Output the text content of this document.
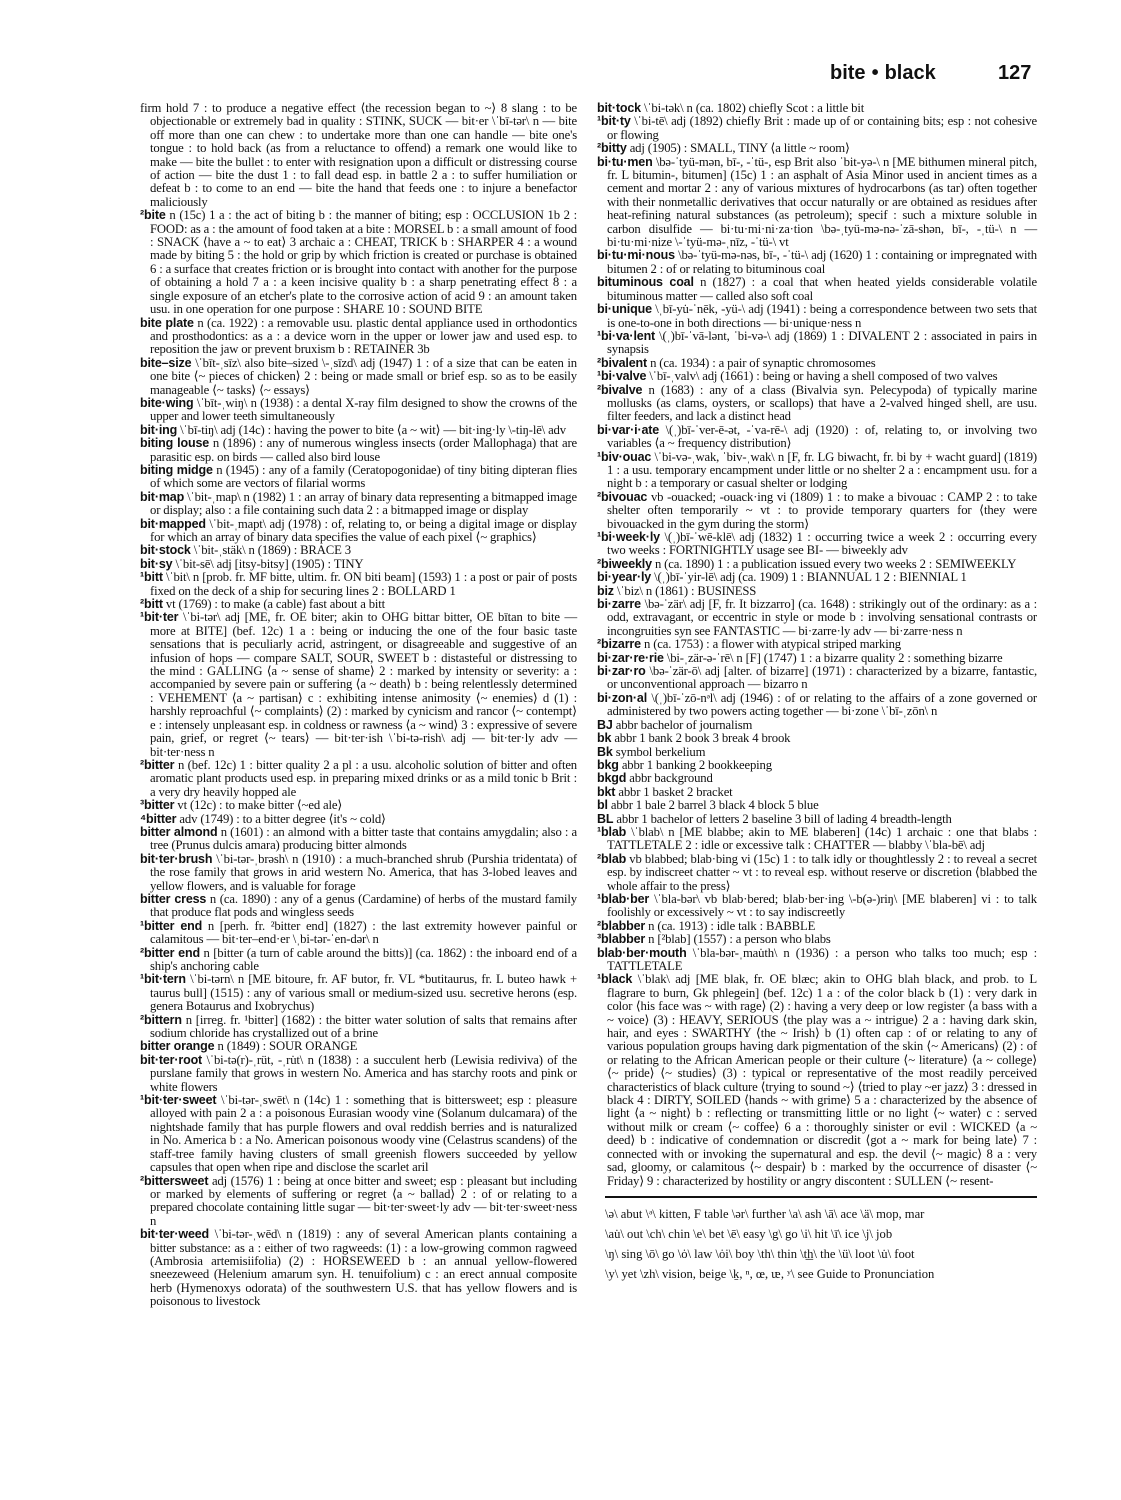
bite • black	127

firm hold 7 : to produce a negative effect ⟨the recession began to ~⟩ 8 slang : to be objectionable or extremely bad in quality : STINK, SUCK — bit·er \ˈbī-tər\ n — bite off more than one can chew : to undertake more than one can handle — bite one's tongue : to hold back (as from a reluctance to offend) a remark one would like to make — bite the bullet : to enter with resignation upon a difficult or distressing course of action — bite the dust 1 : to fall dead esp. in battle 2 a : to suffer humiliation or defeat b : to come to an end — bite the hand that feeds one : to injure a benefactor maliciously

²bite n (15c) 1 a : the act of biting b : the manner of biting; esp : OCCLUSION 1b 2 : FOOD: as a : the amount of food taken at a bite : MORSEL b : a small amount of food : SNACK ⟨have a ~ to eat⟩ 3 archaic a : CHEAT, TRICK b : SHARPER 4 : a wound made by biting 5 : the hold or grip by which friction is created or purchase is obtained 6 : a surface that creates friction or is brought into contact with another for the purpose of obtaining a hold 7 a : a keen incisive quality b : a sharp penetrating effect 8 : a single exposure of an etcher's plate to the corrosive action of acid 9 : an amount taken usu. in one operation for one purpose : SHARE 10 : SOUND BITE

bite plate n (ca. 1922) : a removable usu. plastic dental appliance used in orthodontics and prosthodontics: as a : a device worn in the upper or lower jaw and used esp. to reposition the jaw or prevent bruxism b : RETAINER 3b

bite–size \ˈbīt-ˌsīz\ also bite–sized \-ˌsīzd\ adj (1947) 1 : of a size that can be eaten in one bite ⟨~ pieces of chicken⟩ 2 : being or made small or brief esp. so as to be easily manageable ⟨~ tasks⟩ ⟨~ essays⟩

bite·wing \ˈbīt-ˌwiŋ\ n (1938) : a dental X-ray film designed to show the crowns of the upper and lower teeth simultaneously

bit·ing \ˈbī-tiŋ\ adj (14c) : having the power to bite ⟨a ~ wit⟩ — bit·ing·ly \-tiŋ-lē\ adv

biting louse n (1896) : any of numerous wingless insects (order Mallophaga) that are parasitic esp. on birds — called also bird louse

biting midge n (1945) : any of a family (Ceratopogonidae) of tiny biting dipteran flies of which some are vectors of filarial worms

bit·map \ˈbit-ˌmap\ n (1982) 1 : an array of binary data representing a bitmapped image or display; also : a file containing such data 2 : a bitmapped image or display

bit·mapped \ˈbit-ˌmapt\ adj (1978) : of, relating to, or being a digital image or display for which an array of binary data specifies the value of each pixel ⟨~ graphics⟩

bit·stock \ˈbit-ˌstäk\ n (1869) : BRACE 3

bit·sy \ˈbit-sē\ adj [itsy-bitsy] (1905) : TINY

¹bitt \ˈbit\ n [prob. fr. MF bitte, ultim. fr. ON biti beam] (1593) 1 : a post or pair of posts fixed on the deck of a ship for securing lines 2 : BOLLARD 1

²bitt vt (1769) : to make (a cable) fast about a bitt

¹bit·ter \ˈbi-tər\ adj [ME, fr. OE biter; akin to OHG bittar bitter, OE bītan to bite — more at BITE] (bef. 12c) 1 a : being or inducing the one of the four basic taste sensations that is peculiarly acrid, astringent, or disagreeable and suggestive of an infusion of hops — compare SALT, SOUR, SWEET b : distasteful or distressing to the mind : GALLING ⟨a ~ sense of shame⟩ 2 : marked by intensity or severity: a : accompanied by severe pain or suffering ⟨a ~ death⟩ b : being relentlessly determined : VEHEMENT ⟨a ~ partisan⟩ c : exhibiting intense animosity ⟨~ enemies⟩ d (1) : harshly reproachful ⟨~ complaints⟩ (2) : marked by cynicism and rancor ⟨~ contempt⟩ e : intensely unpleasant esp. in coldness or rawness ⟨a ~ wind⟩ 3 : expressive of severe pain, grief, or regret ⟨~ tears⟩ — bit·ter·ish \ˈbi-tə-rish\ adj — bit·ter·ly adv — bit·ter·ness n

²bitter n (bef. 12c) 1 : bitter quality 2 a pl : a usu. alcoholic solution of bitter and often aromatic plant products used esp. in preparing mixed drinks or as a mild tonic b Brit : a very dry heavily hopped ale

³bitter vt (12c) : to make bitter ⟨~ed ale⟩

⁴bitter adv (1749) : to a bitter degree ⟨it's ~ cold⟩

bitter almond n (1601) : an almond with a bitter taste that contains amygdalin; also : a tree (Prunus dulcis amara) producing bitter almonds

bit·ter·brush \ˈbi-tər-ˌbrəsh\ n (1910) : a much-branched shrub (Purshia tridentata) of the rose family that grows in arid western No. America, that has 3-lobed leaves and yellow flowers, and is valuable for forage

bitter cress n (ca. 1890) : any of a genus (Cardamine) of herbs of the mustard family that produce flat pods and wingless seeds

¹bitter end n [perh. fr. ²bitter end] (1827) : the last extremity however painful or calamitous — bit·ter–end·er \ˌbi-tər-ˈen-dər\ n

²bitter end n [bitter (a turn of cable around the bitts)] (ca. 1862) : the inboard end of a ship's anchoring cable

¹bit·tern \ˈbi-tərn\ n [ME bitoure, fr. AF butor, fr. VL *butitaurus, fr. L buteo hawk + taurus bull] (1515) : any of various small or medium-sized usu. secretive herons (esp. genera Botaurus and Ixobrychus)

²bittern n [irreg. fr. ¹bitter] (1682) : the bitter water solution of salts that remains after sodium chloride has crystallized out of a brine

bitter orange n (1849) : SOUR ORANGE

bit·ter·root \ˈbi-tə(r)-ˌrüt, -ˌru̇t\ n (1838) : a succulent herb (Lewisia rediviva) of the purslane family that grows in western No. America and has starchy roots and pink or white flowers

¹bit·ter·sweet \ˈbi-tər-ˌswēt\ n (14c) 1 : something that is bittersweet; esp : pleasure alloyed with pain 2 a : a poisonous Eurasian woody vine (Solanum dulcamara) of the nightshade family that has purple flowers and oval reddish berries and is naturalized in No. America b : a No. American poisonous woody vine (Celastrus scandens) of the staff-tree family having clusters of small greenish flowers succeeded by yellow capsules that open when ripe and disclose the scarlet aril

²bittersweet adj (1576) 1 : being at once bitter and sweet; esp : pleasant but including or marked by elements of suffering or regret ⟨a ~ ballad⟩ 2 : of or relating to a prepared chocolate containing little sugar — bit·ter·sweet·ly adv — bit·ter·sweet·ness n

bit·ter·weed \ˈbi-tər-ˌwēd\ n (1819) : any of several American plants containing a bitter substance: as a : either of two ragweeds: (1) : a low-growing common ragweed (Ambrosia artemisiifolia) (2) : HORSEWEED b : an annual yellow-flowered sneezeweed (Helenium amarum syn. H. tenuifolium) c : an erect annual composite herb (Hymenoxys odorata) of the southwestern U.S. that has yellow flowers and is poisonous to livestock

bit·tock \ˈbi-tək\ n (ca. 1802) chiefly Scot : a little bit

¹bit·ty \ˈbi-tē\ adj (1892) chiefly Brit : made up of or containing bits; esp : not cohesive or flowing

²bitty adj (1905) : SMALL, TINY ⟨a little ~ room⟩

bi·tu·men \bə-ˈtyü-mən, bī-, -ˈtü-, esp Brit also ˈbit-yə-\ n [ME bithumen mineral pitch, fr. L bitumin-, bitumen] (15c) 1 : an asphalt of Asia Minor used in ancient times as a cement and mortar 2 : any of various mixtures of hydrocarbons (as tar) often together with their nonmetallic derivatives that occur naturally or are obtained as residues after heat-refining natural substances (as petroleum); specif : such a mixture soluble in carbon disulfide — bi·tu·mi·ni·za·tion \bə-ˌtyü-mə-nə-ˈzā-shən, bī-, -ˌtü-\ n — bi·tu·mi·nize \-ˈtyü-mə-ˌnīz, -ˈtü-\ vt

bi·tu·mi·nous \bə-ˈtyü-mə-nəs, bī-, -ˈtü-\ adj (1620) 1 : containing or impregnated with bitumen 2 : of or relating to bituminous coal

bituminous coal n (1827) : a coal that when heated yields considerable volatile bituminous matter — called also soft coal

bi·unique \ˌbī-yu̇-ˈnēk, -yü-\ adj (1941) : being a correspondence between two sets that is one-to-one in both directions — bi·unique·ness n

¹bi·va·lent \(ˌ)bī-ˈvā-lənt, ˈbi-və-\ adj (1869) 1 : DIVALENT 2 : associated in pairs in synapsis

²bivalent n (ca. 1934) : a pair of synaptic chromosomes

¹bi·valve \ˈbī-ˌvalv\ adj (1661) : being or having a shell composed of two valves

²bivalve n (1683) : any of a class (Bivalvia syn. Pelecypoda) of typically marine mollusks (as clams, oysters, or scallops) that have a 2-valved hinged shell, are usu. filter feeders, and lack a distinct head

bi·var·i·ate \(ˌ)bī-ˈver-ē-ət, -ˈva-rē-\ adj (1920) : of, relating to, or involving two variables ⟨a ~ frequency distribution⟩

¹biv·ouac \ˈbi-və-ˌwak, ˈbiv-ˌwak\ n [F, fr. LG biwacht, fr. bi by + wacht guard] (1819) 1 : a usu. temporary encampment under little or no shelter 2 a : encampment usu. for a night b : a temporary or casual shelter or lodging

²bivouac vb -ouacked; -ouack·ing vi (1809) 1 : to make a bivouac : CAMP 2 : to take shelter often temporarily ~ vt : to provide temporary quarters for ⟨they were bivouacked in the gym during the storm⟩

¹bi·week·ly \(ˌ)bī-ˈwē-klē\ adj (1832) 1 : occurring twice a week 2 : occurring every two weeks : FORTNIGHTLY usage see BI- — biweekly adv

²biweekly n (ca. 1890) 1 : a publication issued every two weeks 2 : SEMIWEEKLY

bi·year·ly \(ˌ)bī-ˈyir-lē\ adj (ca. 1909) 1 : BIANNUAL 1 2 : BIENNIAL 1

biz \ˈbiz\ n (1861) : BUSINESS

bi·zarre \bə-ˈzär\ adj [F, fr. It bizzarro] (ca. 1648) : strikingly out of the ordinary: as a : odd, extravagant, or eccentric in style or mode b : involving sensational contrasts or incongruities syn see FANTASTIC — bi·zarre·ly adv — bi·zarre·ness n

²bizarre n (ca. 1753) : a flower with atypical striped marking

bi·zar·re·rie \bi-ˌzär-ə-ˈrē\ n [F] (1747) 1 : a bizarre quality 2 : something bizarre

bi·zar·ro \bə-ˈzär-ō\ adj [alter. of bizarre] (1971) : characterized by a bizarre, fantastic, or unconventional approach — bizarro n

bi·zon·al \(ˌ)bī-ˈzō-nᵊl\ adj (1946) : of or relating to the affairs of a zone governed or administered by two powers acting together — bi·zone \ˈbī-ˌzōn\ n

BJ abbr bachelor of journalism

bk abbr 1 bank 2 book 3 break 4 brook

Bk symbol berkelium

bkg abbr 1 banking 2 bookkeeping

bkgd abbr background

bkt abbr 1 basket 2 bracket

bl abbr 1 bale 2 barrel 3 black 4 block 5 blue

BL abbr 1 bachelor of letters 2 baseline 3 bill of lading 4 breadth-length

¹blab \ˈblab\ n [ME blabbe; akin to ME blaberen] (14c) 1 archaic : one that blabs : TATTLETALE 2 : idle or excessive talk : CHATTER — blabby \ˈbla-bē\ adj

²blab vb blabbed; blab·bing vi (15c) 1 : to talk idly or thoughtlessly 2 : to reveal a secret esp. by indiscreet chatter ~ vt : to reveal esp. without reserve or discretion ⟨blabbed the whole affair to the press⟩

¹blab·ber \ˈbla-bər\ vb blab·bered; blab·ber·ing \-b(ə-)riŋ\ [ME blaberen] vi : to talk foolishly or excessively ~ vt : to say indiscreetly

²blabber n (ca. 1913) : idle talk : BABBLE

³blabber n [²blab] (1557) : a person who blabs

blab·ber·mouth \ˈbla-bər-ˌmau̇th\ n (1936) : a person who talks too much; esp : TATTLETALE

¹black \ˈblak\ adj [ME blak, fr. OE blæc; akin to OHG blah black, and prob. to L flagrare to burn, Gk phlegein] (bef. 12c) 1 a : of the color black b (1) : very dark in color ⟨his face was ~ with rage⟩ (2) : having a very deep or low register ⟨a bass with a ~ voice⟩ (3) : HEAVY, SERIOUS ⟨the play was a ~ intrigue⟩ 2 a : having dark skin, hair, and eyes : SWARTHY ⟨the ~ Irish⟩ b (1) often cap : of or relating to any of various population groups having dark pigmentation of the skin ⟨~ Americans⟩ (2) : of or relating to the African American people or their culture ⟨~ literature⟩ ⟨a ~ college⟩ ⟨~ pride⟩ ⟨~ studies⟩ (3) : typical or representative of the most readily perceived characteristics of black culture ⟨trying to sound ~⟩ ⟨tried to play ~er jazz⟩ 3 : dressed in black 4 : DIRTY, SOILED ⟨hands ~ with grime⟩ 5 a : characterized by the absence of light ⟨a ~ night⟩ b : reflecting or transmitting little or no light ⟨~ water⟩ c : served without milk or cream ⟨~ coffee⟩ 6 a : thoroughly sinister or evil : WICKED ⟨a ~ deed⟩ b : indicative of condemnation or discredit ⟨got a ~ mark for being late⟩ 7 : connected with or invoking the supernatural and esp. the devil ⟨~ magic⟩ 8 a : very sad, gloomy, or calamitous ⟨~ despair⟩ b : marked by the occurrence of disaster ⟨~ Friday⟩ 9 : characterized by hostility or angry discontent : SULLEN ⟨~ resent-

\ə\ abut \ᵊ\ kitten, F table \ər\ further \a\ ash \ā\ ace \ä\ mop, mar
\au̇\ out \ch\ chin \e\ bet \ē\ easy \g\ go \i\ hit \ī\ ice \j\ job
\ŋ\ sing \ō\ go \ȯ\ law \ȯi\ boy \th\ thin \t͟h\ the \ü\ loot \u̇\ foot
\y\ yet \zh\ vision, beige \ḵ, ⁿ, œ, ᵫ, ʸ\ see Guide to Pronunciation
